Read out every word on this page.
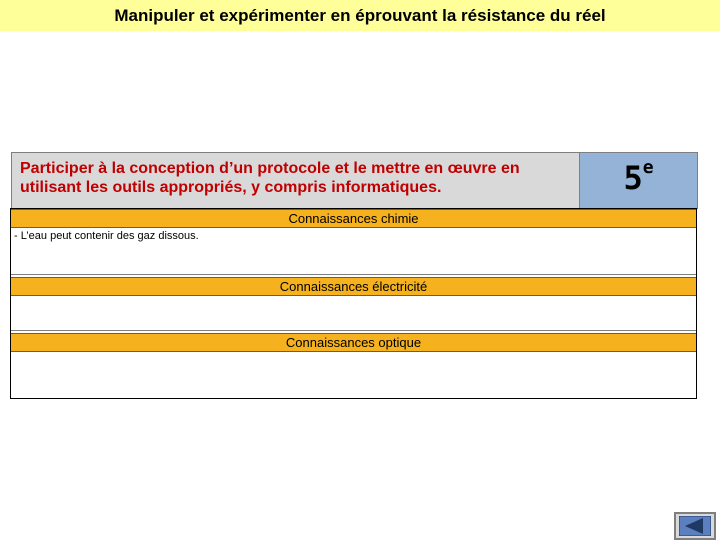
Manipuler et expérimenter en éprouvant la résistance du réel
Participer à la conception d’un protocole et le mettre en œuvre en utilisant les outils appropriés, y compris informatiques.	5e
Connaissances chimie
- L’eau peut contenir des gaz dissous.
Connaissances électricité
Connaissances optique
